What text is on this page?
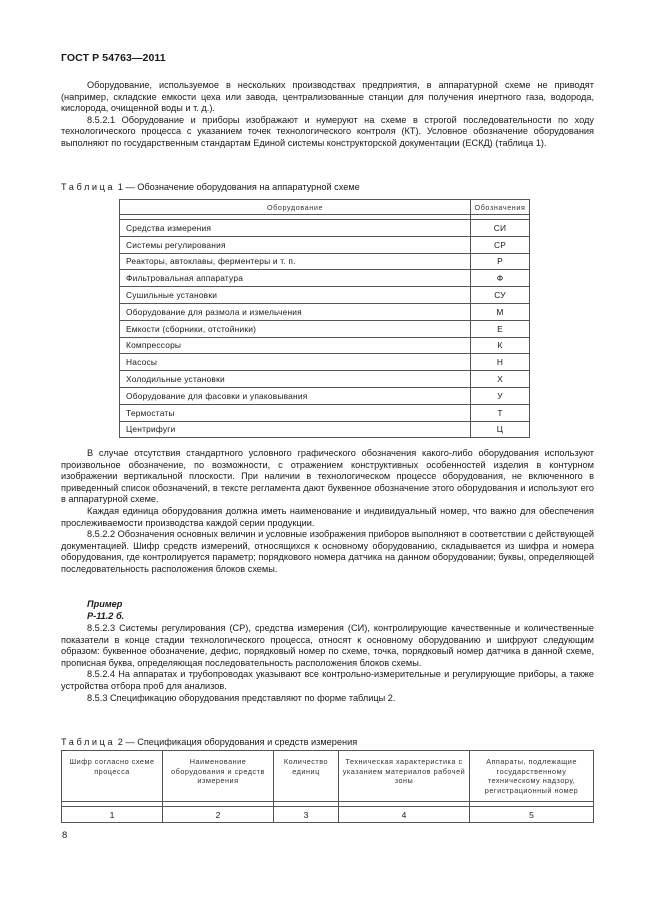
ГОСТ Р 54763—2011

Оборудование, используемое в нескольких производствах предприятия, в аппаратурной схеме не приводят (например, складские емкости цеха или завода, централизованные станции для получения инертного газа, водорода, кислорода, очищенной воды и т. д.).

8.5.2.1 Оборудование и приборы изображают и нумеруют на схеме в строгой последовательности по ходу технологического процесса с указанием точек технологического контроля (КТ). Условное обозначение оборудования выполняют по государственным стандартам Единой системы конструкторской документации (ЕСКД) (таблица 1).

Таблица 1 — Обозначение оборудования на аппаратурной схеме
Оборудование	Обозначения

Средства измерения	СИ
Системы регулирования	СР
Реакторы, автоклавы, ферментеры и т. п.	Р
Фильтровальная аппаратура	Ф
Сушильные установки	СУ
Оборудование для размола и измельчения	М
Емкости (сборники, отстойники)	Е
Компрессоры	К
Насосы	Н
Холодильные установки	Х
Оборудование для фасовки и упаковывания	У
Термостаты	Т
Центрифуги	Ц

В случае отсутствия стандартного условного графического обозначения какого-либо оборудования используют произвольное обозначение, по возможности, с отражением конструктивных особенностей изделия в контурном изображении вертикальной плоскости. При наличии в технологическом процессе оборудования, не включенного в приведенный список обозначений, в тексте регламента дают буквенное обозначение этого оборудования и используют его в аппаратурной схеме.

Каждая единица оборудования должна иметь наименование и индивидуальный номер, что важно для обеспечения прослеживаемости производства каждой серии продукции.

8.5.2.2 Обозначения основных величин и условные изображения приборов выполняют в соответствии с действующей документацией. Шифр средств измерений, относящихся к основному оборудованию, складывается из шифра и номера оборудования, где контролируется параметр; порядкового номера датчика на данном оборудовании; буквы, определяющей последовательность расположения блоков схемы.

Пример
Р-11.2 б.

8.5.2.3 Системы регулирования (СР), средства измерения (СИ), контролирующие качественные и количественные показатели в конце стадии технологического процесса, относят к основному оборудованию и шифруют следующим образом: буквенное обозначение, дефис, порядковый номер по схеме, точка, порядковый номер датчика в данной схеме, прописная буква, определяющая последовательность расположения блоков схемы.

8.5.2.4 На аппаратах и трубопроводах указывают все контрольно-измерительные и регулирующие приборы, а также устройства отбора проб для анализов.

8.5.3 Спецификацию оборудования представляют по форме таблицы 2.

Таблица 2 — Спецификация оборудования и средств измерения
Шифр согласно схеме процесса	Наименование оборудования и средств измерения	Количество единиц	Техническая характеристика с указанием материалов рабочей зоны	Аппараты, подлежащие государственному техническому надзору, регистрационный номер

1	2	3	4	5
8
